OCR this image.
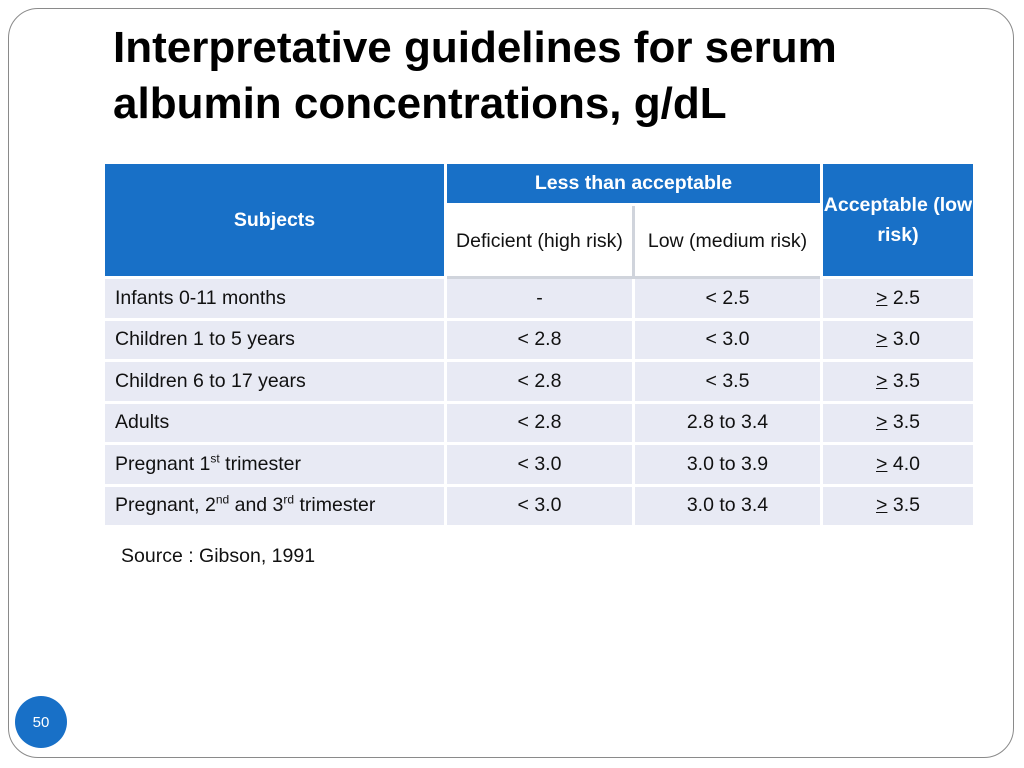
Interpretative guidelines for serum albumin concentrations, g/dL
Subjects	Less than acceptable		Acceptable (low risk)
	Deficient (high risk)	Low (medium risk)	
Infants 0-11 months	-	< 2.5	≥ 2.5
Children 1 to 5 years	< 2.8	< 3.0	≥ 3.0
Children 6 to 17 years	< 2.8	< 3.5	≥ 3.5
Adults	< 2.8	2.8 to 3.4	≥ 3.5
Pregnant 1st trimester	< 3.0	3.0 to 3.9	≥ 4.0
Pregnant, 2nd and 3rd trimester	< 3.0	3.0 to 3.4	≥ 3.5
Source : Gibson, 1991
50
